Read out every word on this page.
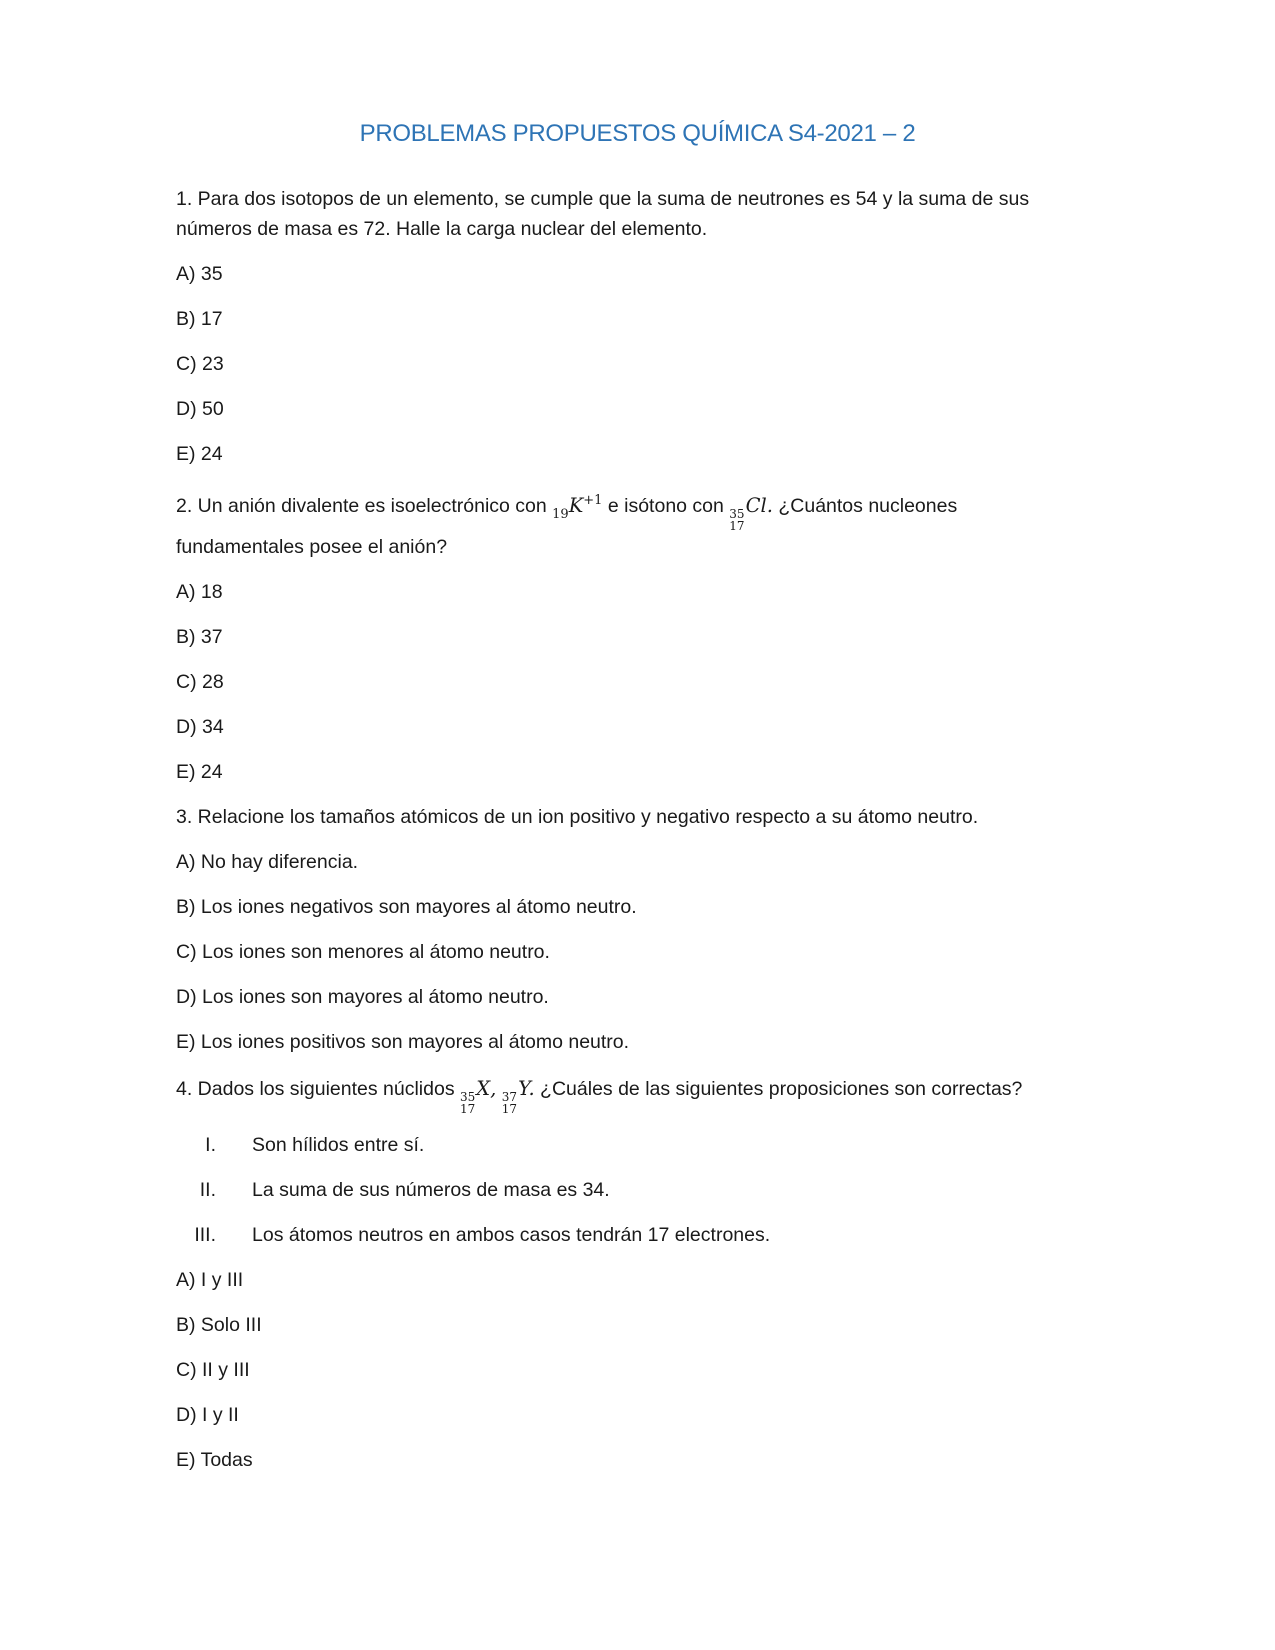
PROBLEMAS PROPUESTOS QUÍMICA S4-2021 – 2

1. Para dos isotopos de un elemento, se cumple que la suma de neutrones es 54 y la suma de sus

números de masa es 72. Halle la carga nuclear del elemento.

A) 35

B) 17

C) 23

D) 50

E) 24

2. Un anión divalente es isoelectrónico con $_{19}K^{+1}$ e isótono con 35
17
Cl. ¿Cuántos nucleones

fundamentales posee el anión?

A) 18

B) 37

C) 28

D) 34

E) 24

3. Relacione los tamaños atómicos de un ion positivo y negativo respecto a su átomo neutro.

A) No hay diferencia.

B) Los iones negativos son mayores al átomo neutro.

C) Los iones son menores al átomo neutro.

D) Los iones son mayores al átomo neutro.

E) Los iones positivos son mayores al átomo neutro.

4. Dados los siguientes núclidos 35
17
X, 37
17
Y. ¿Cuáles de las siguientes proposiciones son correctas?

I. Son hílidos entre sí.
II. La suma de sus números de masa es 34.
III. Los átomos neutros en ambos casos tendrán 17 electrones.

A) I y III

B) Solo III

C) II y III

D) I y II

E) Todas
